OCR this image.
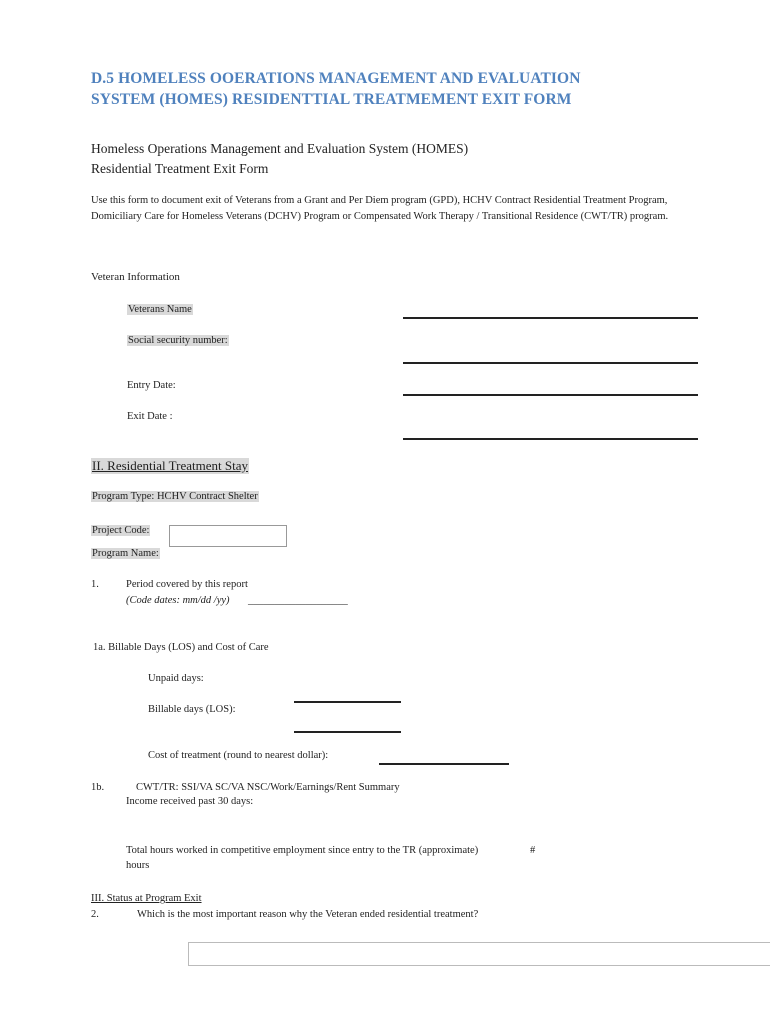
D.5 HOMELESS OOERATIONS MANAGEMENT AND EVALUATION
SYSTEM (HOMES) RESIDENTTIAL TREATMEMENT EXIT FORM
Homeless Operations Management and Evaluation System (HOMES)
Residential Treatment Exit Form
Use this form to document exit of Veterans from a Grant and Per Diem program (GPD), HCHV Contract Residential Treatment Program, Domiciliary Care for Homeless Veterans (DCHV) Program or Compensated Work Therapy / Transitional Residence (CWT/TR) program.
Veteran Information
Veterans Name
Social security number:
Entry Date:
Exit Date :
II. Residential Treatment Stay
Program Type: HCHV Contract Shelter
Project Code:
Program Name:
1.	Period covered by this report
(Code dates: mm/dd /yy) ___________________
1a. Billable Days (LOS) and Cost of Care
Unpaid days:
Billable days (LOS):
Cost of treatment (round to nearest dollar):
1b.	CWT/TR: SSI/VA SC/VA NSC/Work/Earnings/Rent Summary
Income received past 30 days:
Total hours worked in competitive employment since entry to the TR (approximate)	#
hours
III. Status at Program Exit
2.	Which is the most important reason why the Veteran ended residential treatment?
